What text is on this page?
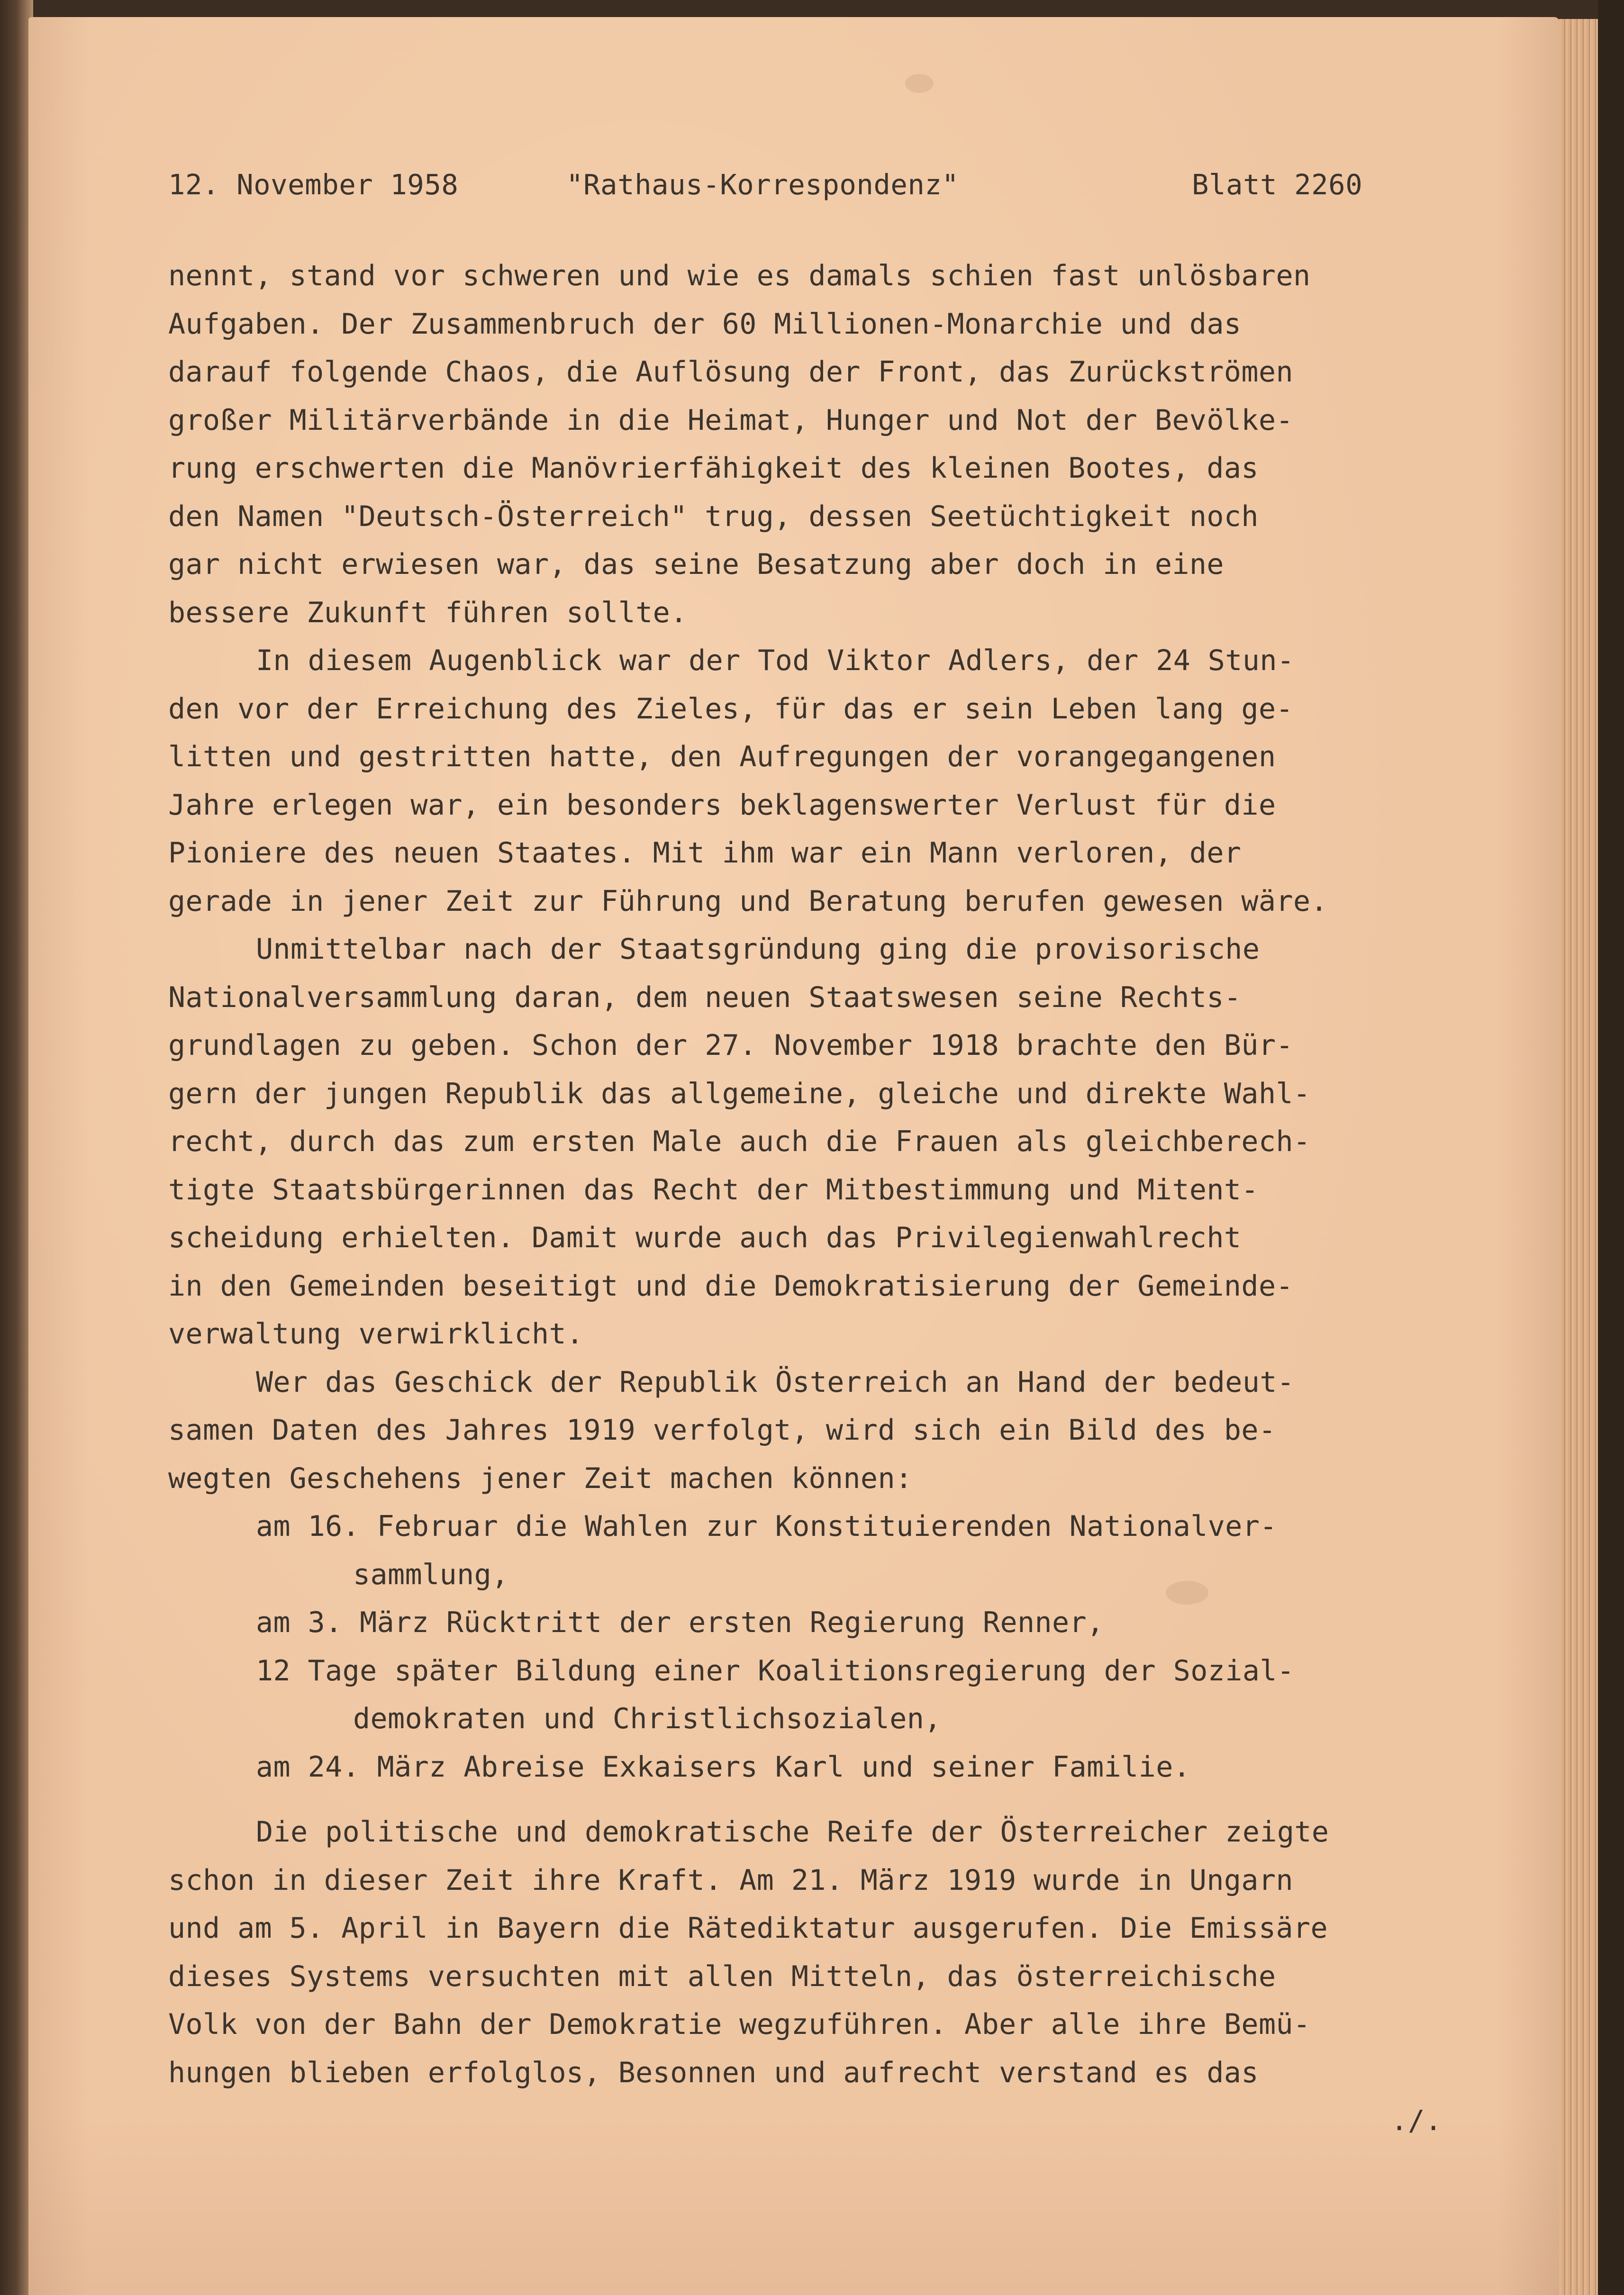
12. November 1958	"Rathaus-Korrespondenz"	Blatt 2260
nennt, stand vor schweren und wie es damals schien fast unlösbaren
Aufgaben. Der Zusammenbruch der 60 Millionen-Monarchie und das
darauf folgende Chaos, die Auflösung der Front, das Zurückströmen
großer Militärverbände in die Heimat, Hunger und Not der Bevölke-
rung erschwerten die Manövrierfähigkeit des kleinen Bootes, das
den Namen "Deutsch-Österreich" trug, dessen Seetüchtigkeit noch
gar nicht erwiesen war, das seine Besatzung aber doch in eine
bessere Zukunft führen sollte.
In diesem Augenblick war der Tod Viktor Adlers, der 24 Stun-
den vor der Erreichung des Zieles, für das er sein Leben lang ge-
litten und gestritten hatte, den Aufregungen der vorangegangenen
Jahre erlegen war, ein besonders beklagenswerter Verlust für die
Pioniere des neuen Staates. Mit ihm war ein Mann verloren, der
gerade in jener Zeit zur Führung und Beratung berufen gewesen wäre.
Unmittelbar nach der Staatsgründung ging die provisorische
Nationalversammlung daran, dem neuen Staatswesen seine Rechts-
grundlagen zu geben. Schon der 27. November 1918 brachte den Bür-
gern der jungen Republik das allgemeine, gleiche und direkte Wahl-
recht, durch das zum ersten Male auch die Frauen als gleichberech-
tigte Staatsbürgerinnen das Recht der Mitbestimmung und Mitent-
scheidung erhielten. Damit wurde auch das Privilegienwahlrecht
in den Gemeinden beseitigt und die Demokratisierung der Gemeinde-
verwaltung verwirklicht.
Wer das Geschick der Republik Österreich an Hand der bedeut-
samen Daten des Jahres 1919 verfolgt, wird sich ein Bild des be-
wegten Geschehens jener Zeit machen können:
am 16. Februar die Wahlen zur Konstituierenden Nationalver-
sammlung,
am 3. März Rücktritt der ersten Regierung Renner,
12 Tage später Bildung einer Koalitionsregierung der Sozial-
demokraten und Christlichsozialen,
am 24. März Abreise Exkaisers Karl und seiner Familie.
Die politische und demokratische Reife der Österreicher zeigte
schon in dieser Zeit ihre Kraft. Am 21. März 1919 wurde in Ungarn
und am 5. April in Bayern die Rätediktatur ausgerufen. Die Emissäre
dieses Systems versuchten mit allen Mitteln, das österreichische
Volk von der Bahn der Demokratie wegzuführen. Aber alle ihre Bemü-
hungen blieben erfolglos, Besonnen und aufrecht verstand es das
./.
